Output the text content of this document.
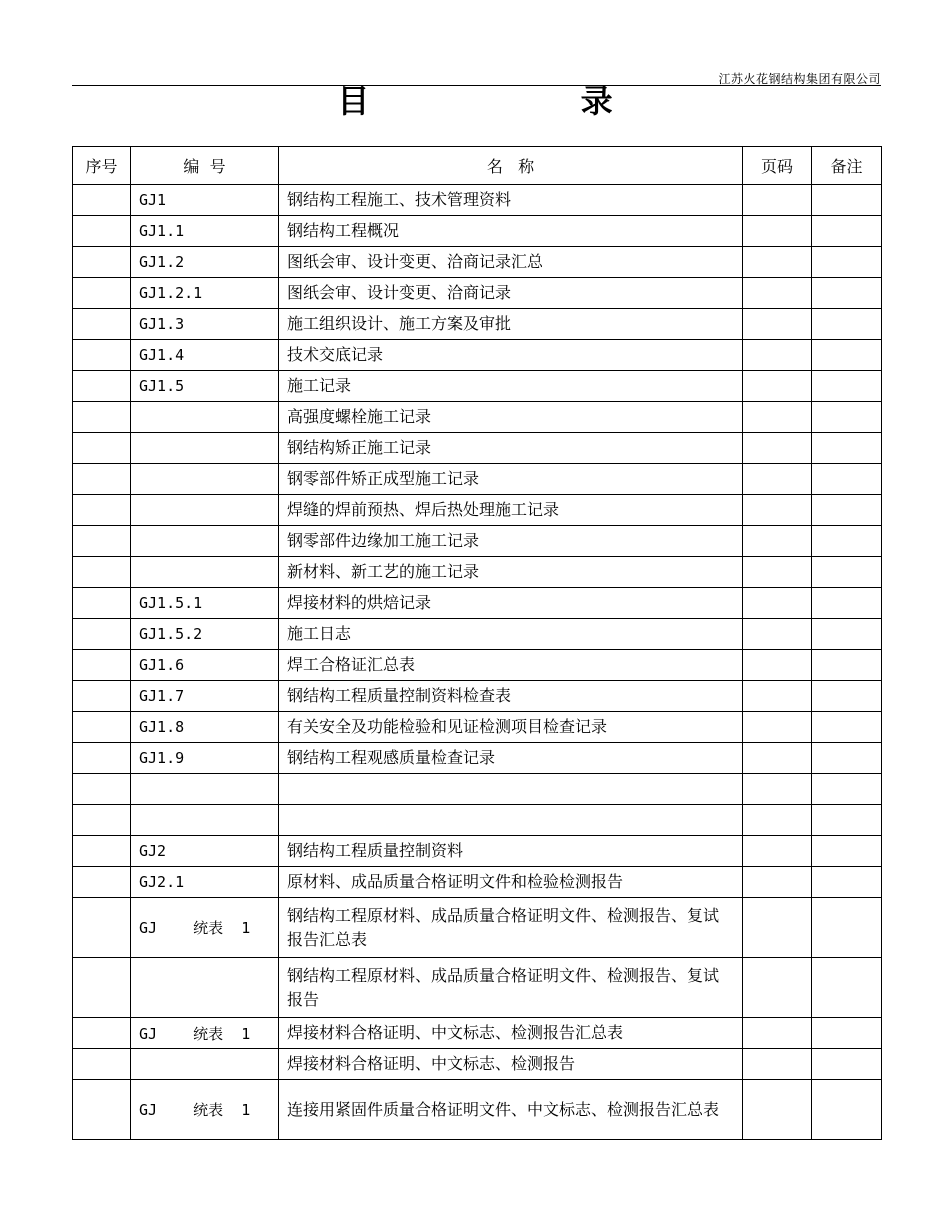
江苏火花钢结构集团有限公司
目 录
序号	编  号	名   称	页码	备注
	GJ1	钢结构工程施工、技术管理资料		
	GJ1.1	钢结构工程概况		
	GJ1.2	图纸会审、设计变更、洽商记录汇总		
	GJ1.2.1	图纸会审、设计变更、洽商记录		
	GJ1.3	施工组织设计、施工方案及审批		
	GJ1.4	技术交底记录		
	GJ1.5	施工记录		
		高强度螺栓施工记录		
		钢结构矫正施工记录		
		钢零部件矫正成型施工记录		
		焊缝的焊前预热、焊后热处理施工记录		
		钢零部件边缘加工施工记录		
		新材料、新工艺的施工记录		
	GJ1.5.1	焊接材料的烘焙记录		
	GJ1.5.2	施工日志		
	GJ1.6	焊工合格证汇总表		
	GJ1.7	钢结构工程质量控制资料检查表		
	GJ1.8	有关安全及功能检验和见证检测项目检查记录		
	GJ1.9	钢结构工程观感质量检查记录		

	GJ2	钢结构工程质量控制资料		
	GJ2.1	原材料、成品质量合格证明文件和检验检测报告		
	GJ    统表  1	钢结构工程原材料、成品质量合格证明文件、检测报告、复试报告汇总表		
		钢结构工程原材料、成品质量合格证明文件、检测报告、复试报告		
	GJ    统表  1	焊接材料合格证明、中文标志、检测报告汇总表		
		焊接材料合格证明、中文标志、检测报告		
	GJ    统表  1	连接用紧固件质量合格证明文件、中文标志、检测报告汇总表		
